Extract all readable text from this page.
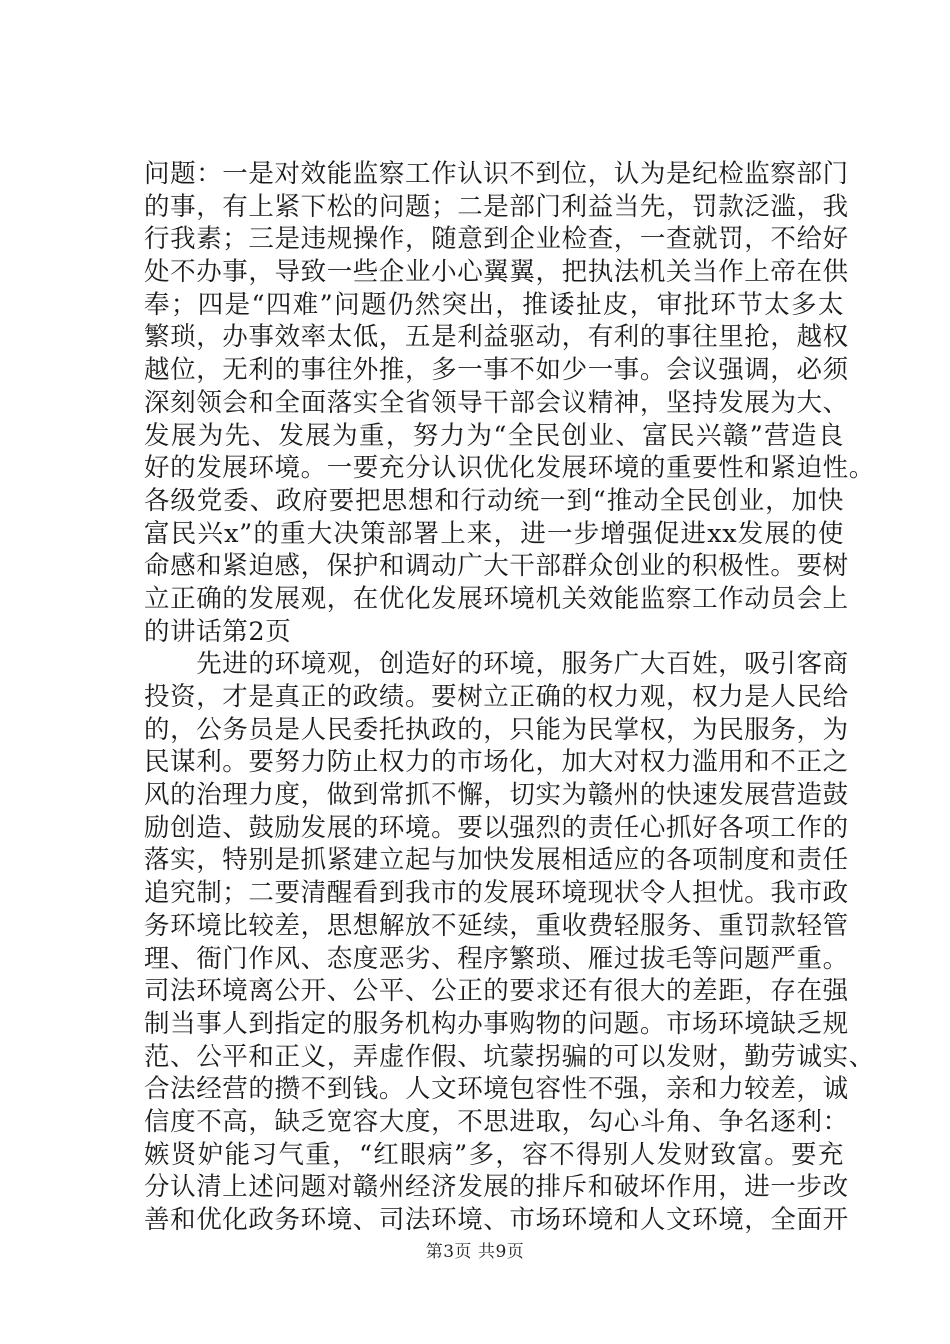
问题：一是对效能监察工作认识不到位，认为是纪检监察部门
的事，有上紧下松的问题；二是部门利益当先，罚款泛滥，我
行我素；三是违规操作，随意到企业检查，一查就罚，不给好
处不办事，导致一些企业小心翼翼，把执法机关当作上帝在供
奉；四是“四难”问题仍然突出，推诿扯皮，审批环节太多太
繁琐，办事效率太低，五是利益驱动，有利的事往里抢，越权
越位，无利的事往外推，多一事不如少一事。会议强调，必须
深刻领会和全面落实全省领导干部会议精神，坚持发展为大、
发展为先、发展为重，努力为“全民创业、富民兴赣”营造良
好的发展环境。一要充分认识优化发展环境的重要性和紧迫性。
各级党委、政府要把思想和行动统一到“推动全民创业，加快
富民兴x”的重大决策部署上来，进一步增强促进xx发展的使
命感和紧迫感，保护和调动广大干部群众创业的积极性。要树
立正确的发展观，在优化发展环境机关效能监察工作动员会上
的讲话第2页
　　先进的环境观，创造好的环境，服务广大百姓，吸引客商
投资，才是真正的政绩。要树立正确的权力观，权力是人民给
的，公务员是人民委托执政的，只能为民掌权，为民服务，为
民谋利。要努力防止权力的市场化，加大对权力滥用和不正之
风的治理力度，做到常抓不懈，切实为赣州的快速发展营造鼓
励创造、鼓励发展的环境。要以强烈的责任心抓好各项工作的
落实，特别是抓紧建立起与加快发展相适应的各项制度和责任
追究制；二要清醒看到我市的发展环境现状令人担忧。我市政
务环境比较差，思想解放不延续，重收费轻服务、重罚款轻管
理、衙门作风、态度恶劣、程序繁琐、雁过拔毛等问题严重。
司法环境离公开、公平、公正的要求还有很大的差距，存在强
制当事人到指定的服务机构办事购物的问题。市场环境缺乏规
范、公平和正义，弄虚作假、坑蒙拐骗的可以发财，勤劳诚实、
合法经营的攒不到钱。人文环境包容性不强，亲和力较差，诚
信度不高，缺乏宽容大度，不思进取，勾心斗角、争名逐利：
嫉贤妒能习气重，“红眼病”多，容不得别人发财致富。要充
分认清上述问题对赣州经济发展的排斥和破坏作用，进一步改
善和优化政务环境、司法环境、市场环境和人文环境，全面开
第3页 共9页
